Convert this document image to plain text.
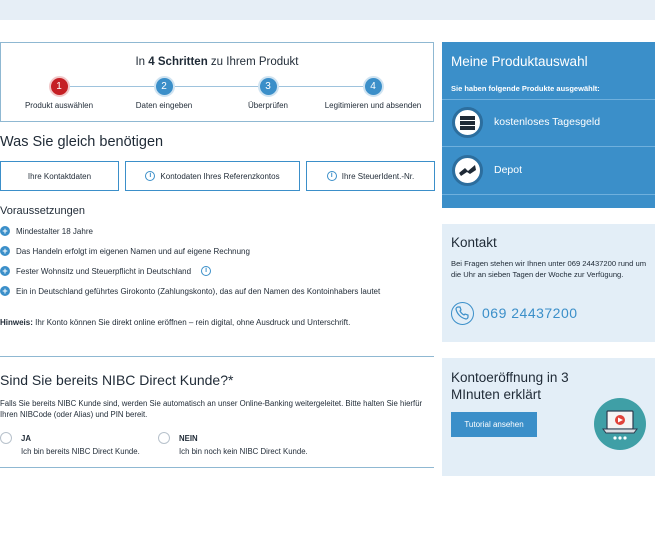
In 4 Schritten zu Ihrem Produkt
1
Produkt auswählen
2
Daten eingeben
3
Überprüfen
4
Legitimieren und absenden
Was Sie gleich benötigen
Ihre Kontaktdaten	i	Kontodaten Ihres Referenzkontos	i	Ihre SteuerIdent.-Nr.
Voraussetzungen
+ Mindestalter 18 Jahre
+ Das Handeln erfolgt im eigenen Namen und auf eigene Rechnung
+ Fester Wohnsitz und Steuerpflicht in Deutschland	i
+ Ein in Deutschland geführtes Girokonto (Zahlungskonto), das auf den Namen des Kontoinhabers lautet
Hinweis: Ihr Konto können Sie direkt online eröffnen – rein digital, ohne Ausdruck und Unterschrift.
Sind Sie bereits NIBC Direct Kunde?*
Falls Sie bereits NIBC Kunde sind, werden Sie automatisch an unser Online-Banking weitergeleitet. Bitte halten Sie hierfür Ihren NIBCode (oder Alias) und PIN bereit.
JA
Ich bin bereits NIBC Direct Kunde.
NEIN
Ich bin noch kein NIBC Direct Kunde.
Meine Produktauswahl
Sie haben folgende Produkte ausgewählt:
kostenloses Tagesgeld
Depot
Kontakt
Bei Fragen stehen wir Ihnen unter 069 24437200 rund um die Uhr an sieben Tagen der Woche zur Verfügung.
069 24437200
Kontoeröffnung in 3 MInuten erklärt
Tutorial ansehen
